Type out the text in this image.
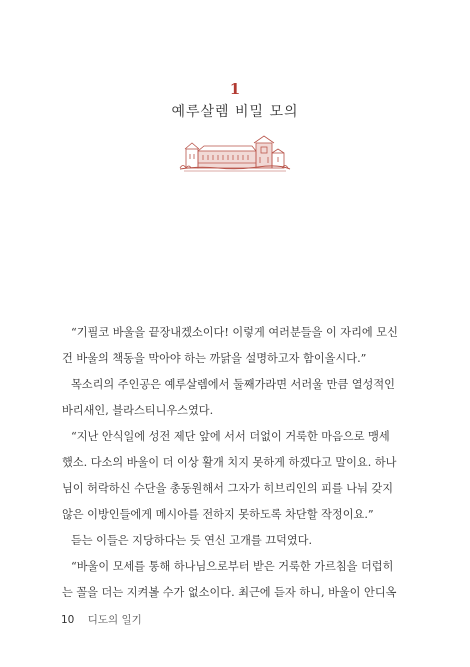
1
예루살렘 비밀 모의
“기필코 바울을 끝장내겠소이다! 이렇게 여러분들을 이 자리에 모신
건 바울의 책동을 막아야 하는 까닭을 설명하고자 함이올시다.”
목소리의 주인공은 예루살렘에서 둘째가라면 서러울 만큼 열성적인
바리새인, 블라스티니우스였다.
“지난 안식일에 성전 제단 앞에 서서 더없이 거룩한 마음으로 맹세
했소. 다소의 바울이 더 이상 활개 치지 못하게 하겠다고 말이요. 하나
님이 허락하신 수단을 총동원해서 그자가 히브리인의 피를 나눠 갖지
않은 이방인들에게 메시아를 전하지 못하도록 차단할 작정이요.”
듣는 이들은 지당하다는 듯 연신 고개를 끄덕였다.
“바울이 모세를 통해 하나님으로부터 받은 거룩한 가르침을 더럽히
는 꼴을 더는 지켜볼 수가 없소이다. 최근에 듣자 하니, 바울이 안디옥
10 디도의 일기
